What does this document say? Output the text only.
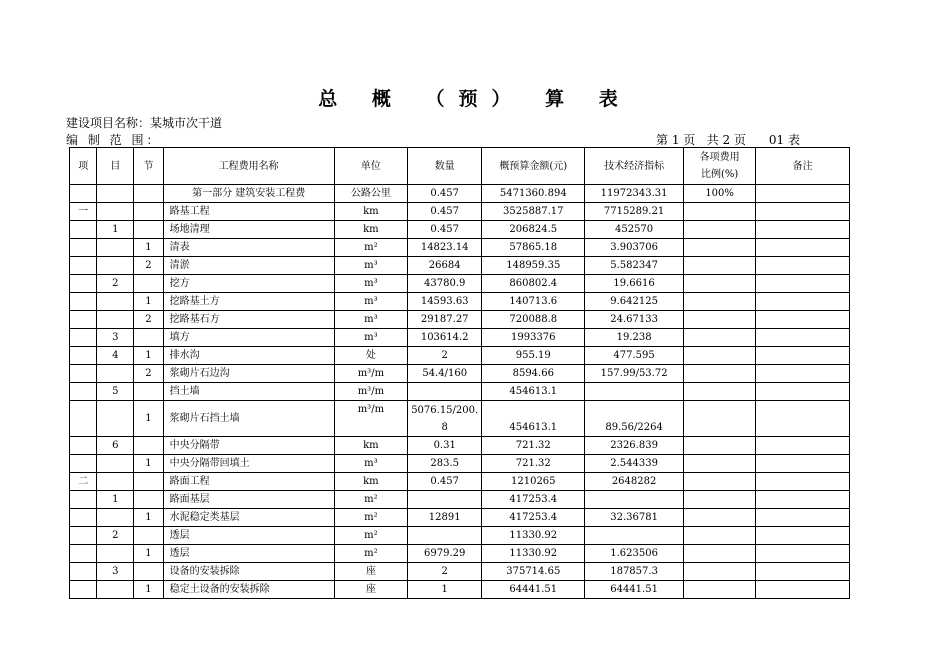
总 概 （预） 算 表
建设项目名称：某城市次干道
编 制 范 围：	第 1 页 共 2 页 01 表
项	目	节	工程费用名称	单位	数量	概预算金额(元)	技术经济指标	各项费用
比例(%)	备注
			第一部分 建筑安装工程费	公路公里	0.457	5471360.894	11972343.31	100%	
一			路基工程	km	0.457	3525887.17	7715289.21		
	1		场地清理	km	0.457	206824.5	452570		
		1	清表	m²	14823.14	57865.18	3.903706		
		2	清淤	m³	26684	148959.35	5.582347		
	2		挖方	m³	43780.9	860802.4	19.6616		
		1	挖路基土方	m³	14593.63	140713.6	9.642125		
		2	挖路基石方	m³	29187.27	720088.8	24.67133		
	3		填方	m³	103614.2	1993376	19.238		
	4	1	排水沟	处	2	955.19	477.595		
		2	浆砌片石边沟	m³/m	54.4/160	8594.66	157.99/53.72		
	5		挡土墙	m³/m		454613.1			
		1	浆砌片石挡土墙	m³/m	5076.15/200.
8	454613.1	89.56/2264		
	6		中央分隔带	km	0.31	721.32	2326.839		
		1	中央分隔带回填土	m³	283.5	721.32	2.544339		
二			路面工程	km	0.457	1210265	2648282		
	1		路面基层	m²		417253.4			
		1	水泥稳定类基层	m²	12891	417253.4	32.36781		
	2		透层	m²		11330.92			
		1	透层	m²	6979.29	11330.92	1.623506		
	3		设备的安装拆除	座	2	375714.65	187857.3		
		1	稳定土设备的安装拆除	座	1	64441.51	64441.51		
